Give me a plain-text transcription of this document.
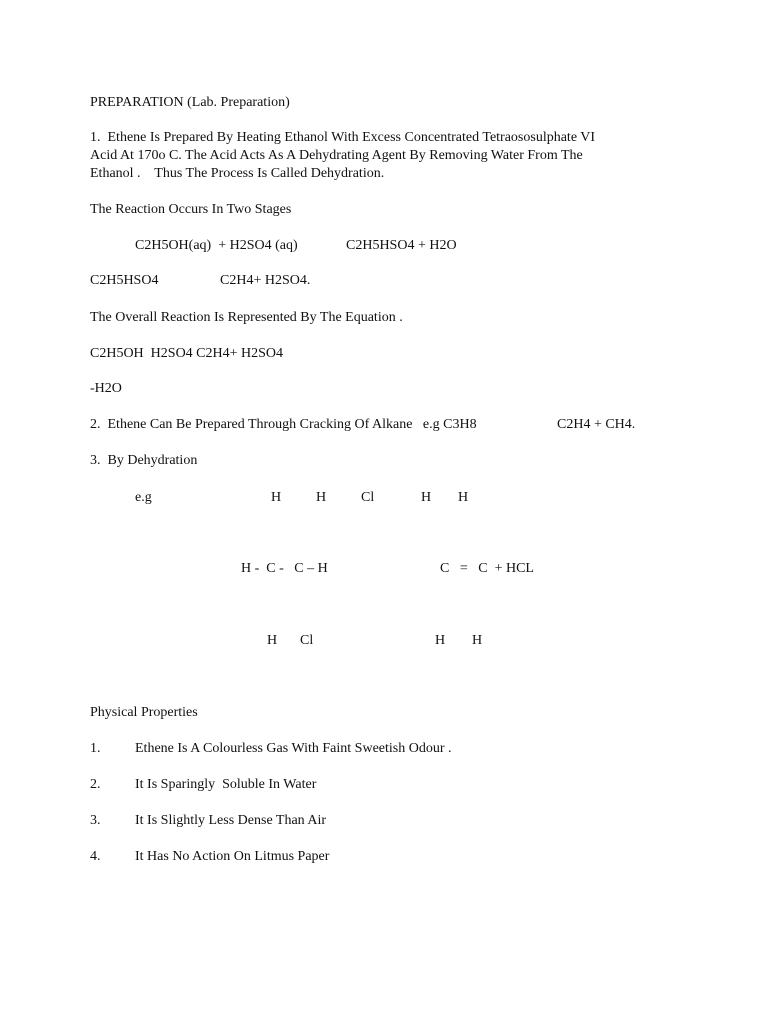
PREPARATION (Lab. Preparation)
1.  Ethene Is Prepared By Heating Ethanol With Excess Concentrated Tetraososulphate VI
Acid At 170o C. The Acid Acts As A Dehydrating Agent By Removing Water From The
Ethanol .    Thus The Process Is Called Dehydration.
The Reaction Occurs In Two Stages
C2H5OH(aq)  + H2SO4 (aq)	C2H5HSO4 + H2O
C2H5HSO4	C2H4+ H2SO4.
The Overall Reaction Is Represented By The Equation .
C2H5OH  H2SO4 C2H4+ H2SO4
-H2O
2.  Ethene Can Be Prepared Through Cracking Of Alkane   e.g C3H8	C2H4 + CH4.
3.  By Dehydration
e.g	H H Cl	H H
H -  C -   C – H	C   =   C  + HCL
H Cl	H H
Physical Properties
1. Ethene Is A Colourless Gas With Faint Sweetish Odour .
2. It Is Sparingly  Soluble In Water
3. It Is Slightly Less Dense Than Air
4. It Has No Action On Litmus Paper
